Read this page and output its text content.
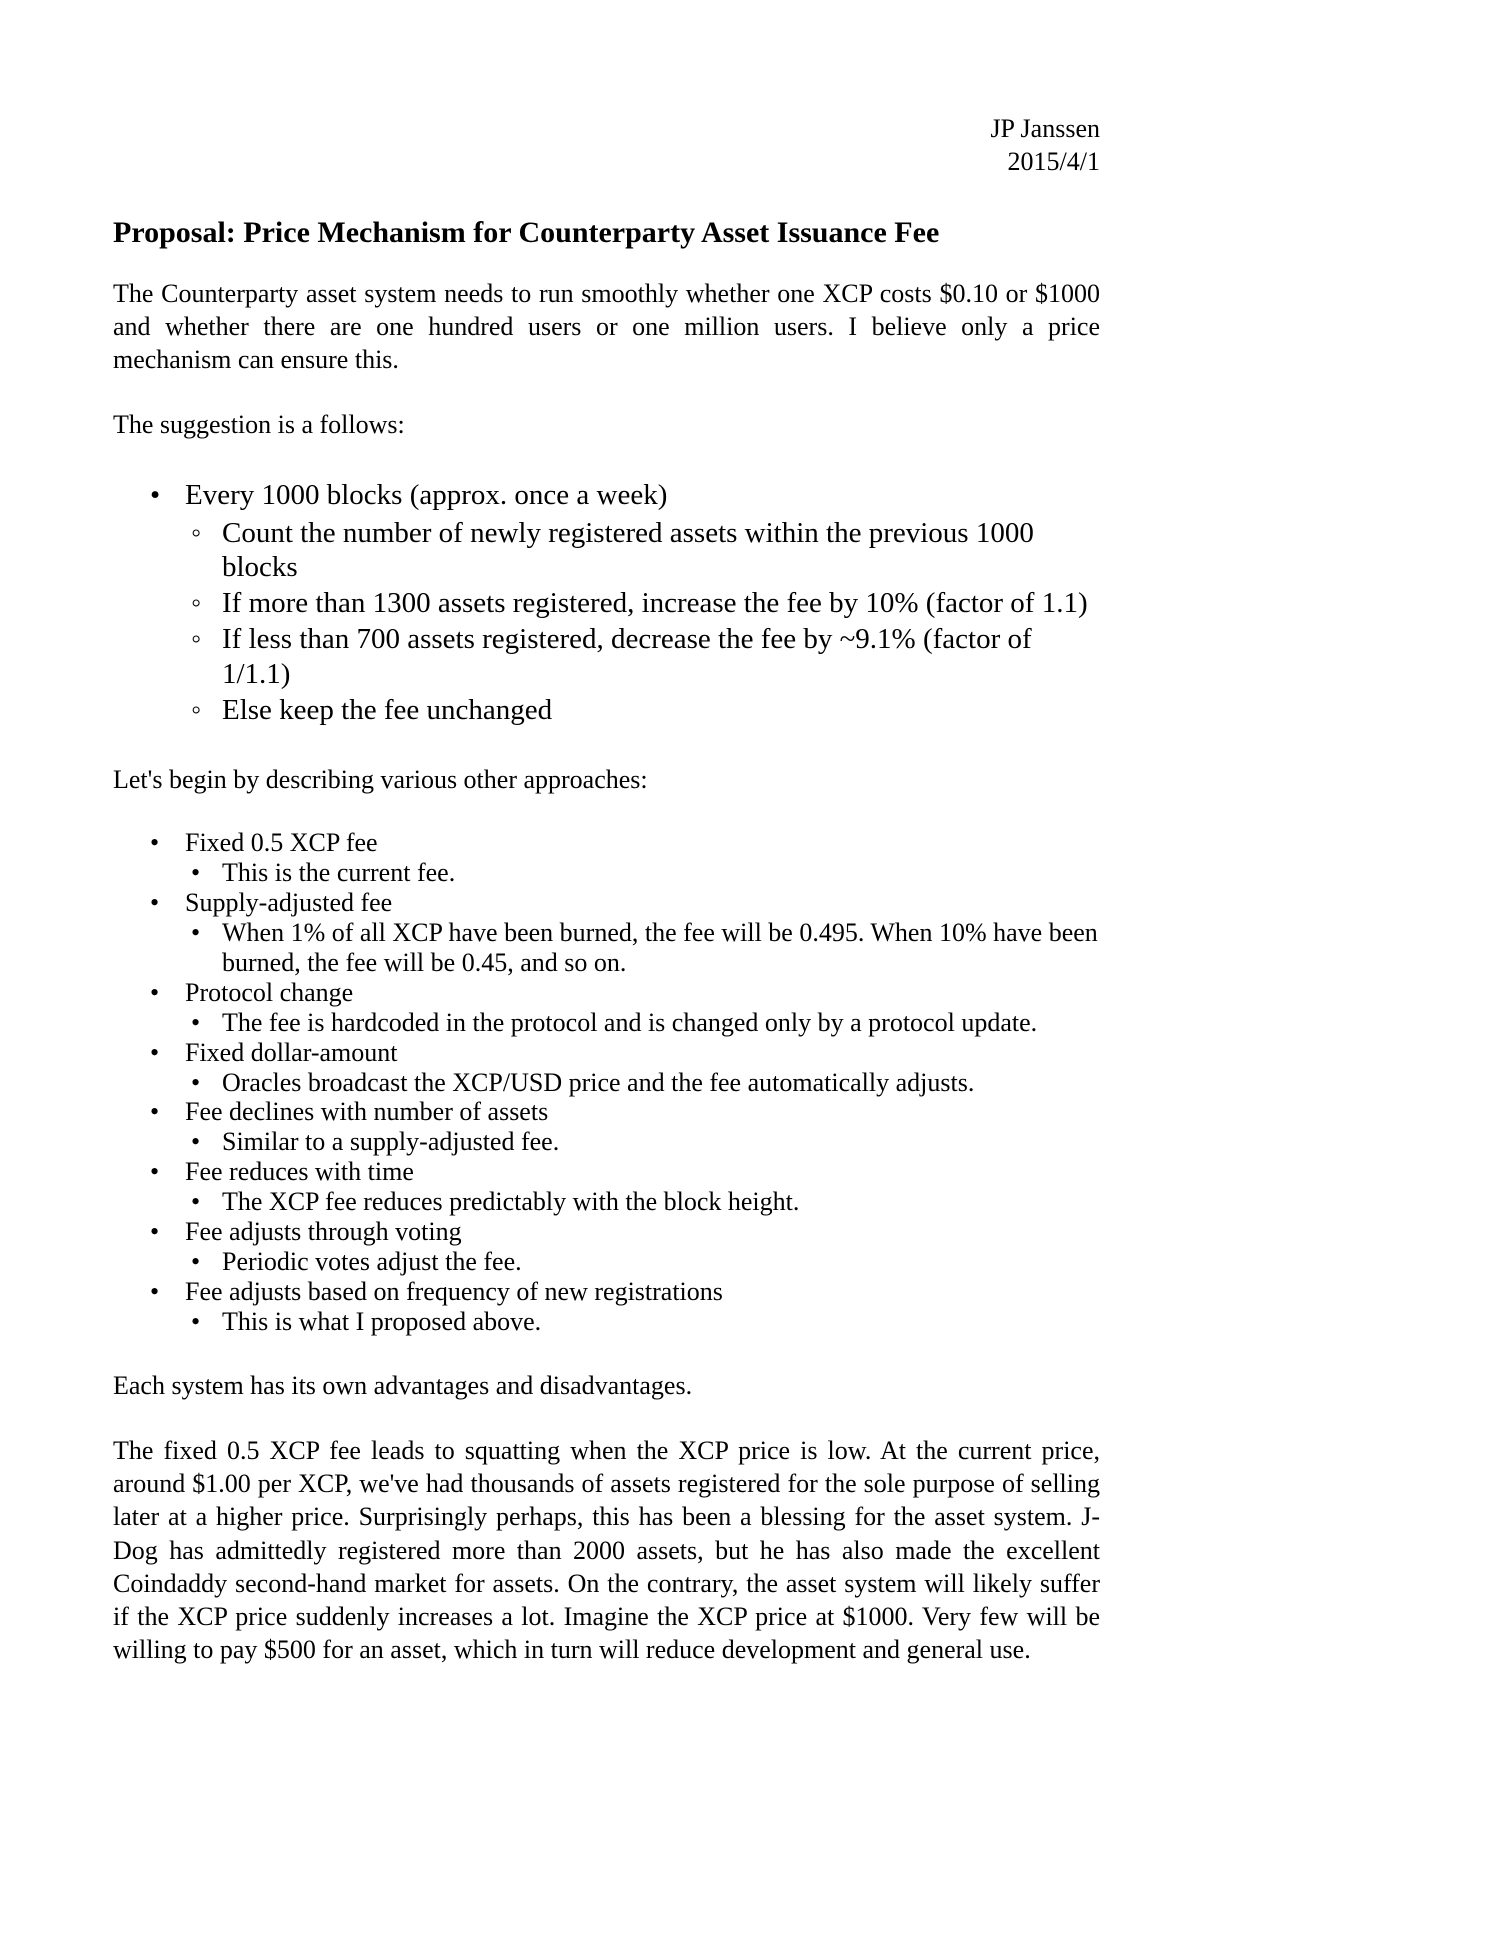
JP Janssen
2015/4/1
Proposal: Price Mechanism for Counterparty Asset Issuance Fee

The Counterparty asset system needs to run smoothly whether one XCP costs $0.10 or $1000 and whether there are one hundred users or one million users. I believe only a price mechanism can ensure this.

The suggestion is a follows:

• Every 1000 blocks (approx. once a week)
◦ Count the number of newly registered assets within the previous 1000 blocks
◦ If more than 1300 assets registered, increase the fee by 10% (factor of 1.1)
◦ If less than 700 assets registered, decrease the fee by ~9.1% (factor of 1/1.1)
◦ Else keep the fee unchanged

Let's begin by describing various other approaches:

• Fixed 0.5 XCP fee
• This is the current fee.
• Supply-adjusted fee
• When 1% of all XCP have been burned, the fee will be 0.495. When 10% have been burned, the fee will be 0.45, and so on.
• Protocol change
• The fee is hardcoded in the protocol and is changed only by a protocol update.
• Fixed dollar-amount
• Oracles broadcast the XCP/USD price and the fee automatically adjusts.
• Fee declines with number of assets
• Similar to a supply-adjusted fee.
• Fee reduces with time
• The XCP fee reduces predictably with the block height.
• Fee adjusts through voting
• Periodic votes adjust the fee.
• Fee adjusts based on frequency of new registrations
• This is what I proposed above.

Each system has its own advantages and disadvantages.

The fixed 0.5 XCP fee leads to squatting when the XCP price is low. At the current price, around $1.00 per XCP, we've had thousands of assets registered for the sole purpose of selling later at a higher price. Surprisingly perhaps, this has been a blessing for the asset system. J-Dog has admittedly registered more than 2000 assets, but he has also made the excellent Coindaddy second-hand market for assets. On the contrary, the asset system will likely suffer if the XCP price suddenly increases a lot. Imagine the XCP price at $1000. Very few will be willing to pay $500 for an asset, which in turn will reduce development and general use.
